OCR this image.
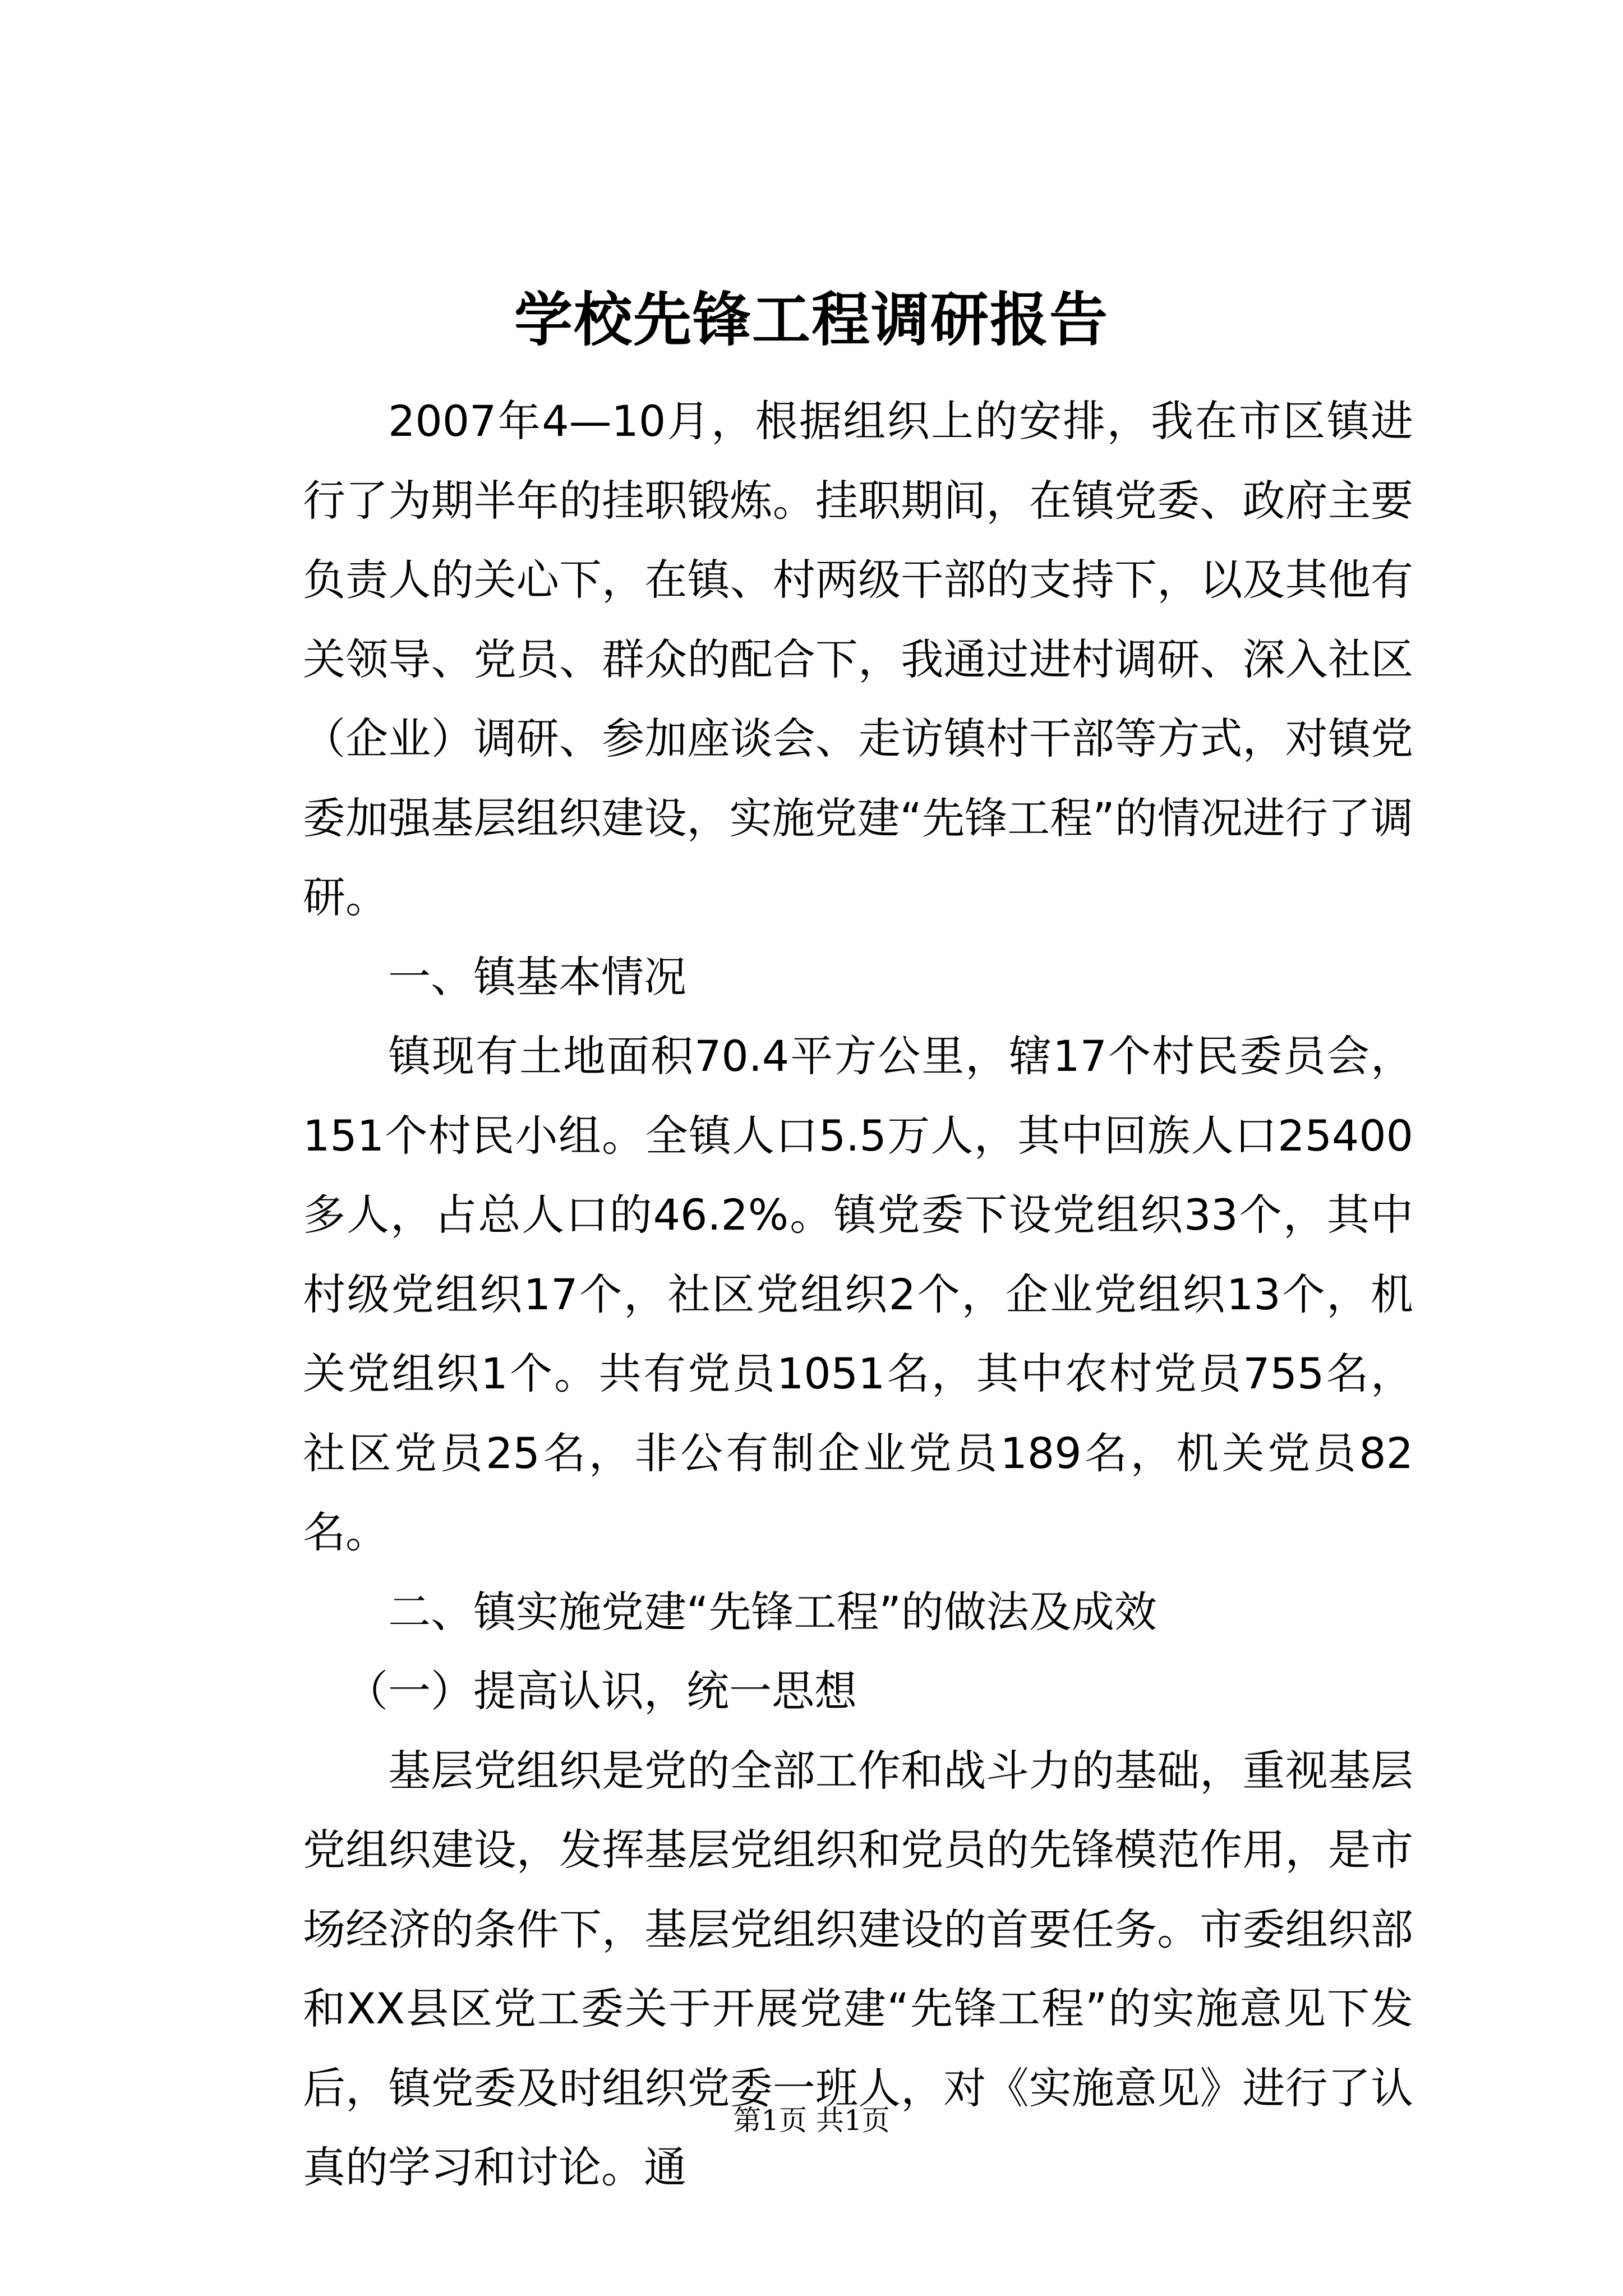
学校先锋工程调研报告

2007年4—10月，根据组织上的安排，我在市区镇进行了为期半年的挂职锻炼。挂职期间，在镇党委、政府主要负责人的关心下，在镇、村两级干部的支持下，以及其他有关领导、党员、群众的配合下，我通过进村调研、深入社区（企业）调研、参加座谈会、走访镇村干部等方式，对镇党委加强基层组织建设，实施党建“先锋工程”的情况进行了调研。

一、镇基本情况

镇现有土地面积70.4平方公里，辖17个村民委员会，151个村民小组。全镇人口5.5万人，其中回族人口25400多人，占总人口的46.2%。镇党委下设党组织33个，其中村级党组织17个，社区党组织2个，企业党组织13个，机关党组织1个。共有党员1051名，其中农村党员755名，社区党员25名，非公有制企业党员189名，机关党员82名。

二、镇实施党建“先锋工程”的做法及成效

（一）提高认识，统一思想

基层党组织是党的全部工作和战斗力的基础，重视基层党组织建设，发挥基层党组织和党员的先锋模范作用，是市场经济的条件下，基层党组织建设的首要任务。市委组织部和XX县区党工委关于开展党建“先锋工程”的实施意见下发后，镇党委及时组织党委一班人，对《实施意见》进行了认真的学习和讨论。通

第1页 共1页
